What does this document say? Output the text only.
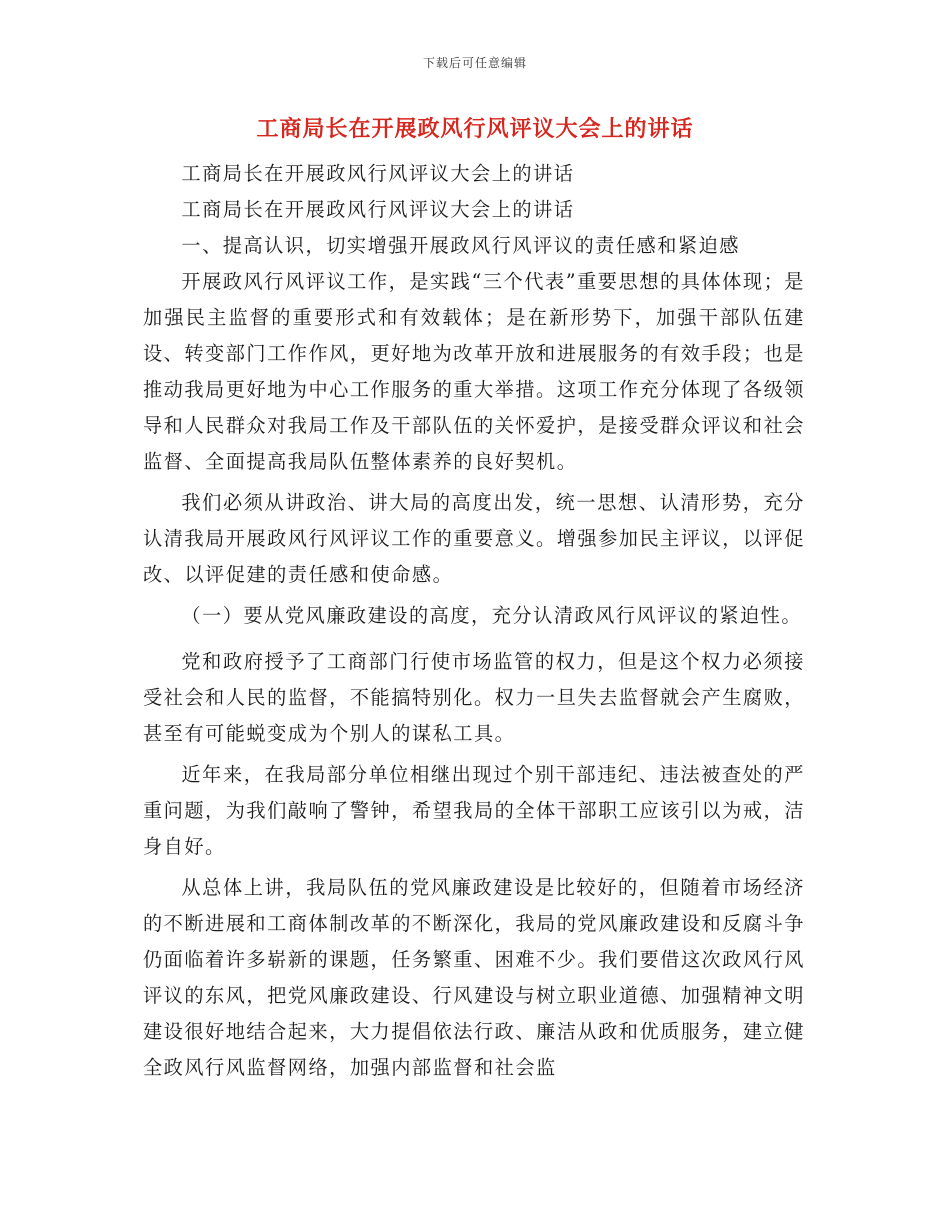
下载后可任意编辑
工商局长在开展政风行风评议大会上的讲话

工商局长在开展政风行风评议大会上的讲话

工商局长在开展政风行风评议大会上的讲话

一、提高认识，切实增强开展政风行风评议的责任感和紧迫感

开展政风行风评议工作，是实践“三个代表”重要思想的具体体现；是加强民主监督的重要形式和有效载体；是在新形势下，加强干部队伍建设、转变部门工作作风，更好地为改革开放和进展服务的有效手段；也是推动我局更好地为中心工作服务的重大举措。这项工作充分体现了各级领导和人民群众对我局工作及干部队伍的关怀爱护，是接受群众评议和社会监督、全面提高我局队伍整体素养的良好契机。

我们必须从讲政治、讲大局的高度出发，统一思想、认清形势，充分认清我局开展政风行风评议工作的重要意义。增强参加民主评议，以评促改、以评促建的责任感和使命感。

（一）要从党风廉政建设的高度，充分认清政风行风评议的紧迫性。

党和政府授予了工商部门行使市场监管的权力，但是这个权力必须接受社会和人民的监督，不能搞特别化。权力一旦失去监督就会产生腐败，甚至有可能蜕变成为个别人的谋私工具。

近年来，在我局部分单位相继出现过个别干部违纪、违法被查处的严重问题，为我们敲响了警钟，希望我局的全体干部职工应该引以为戒，洁身自好。

从总体上讲，我局队伍的党风廉政建设是比较好的，但随着市场经济的不断进展和工商体制改革的不断深化，我局的党风廉政建设和反腐斗争仍面临着许多崭新的课题，任务繁重、困难不少。我们要借这次政风行风评议的东风，把党风廉政建设、行风建设与树立职业道德、加强精神文明建设很好地结合起来，大力提倡依法行政、廉洁从政和优质服务，建立健全政风行风监督网络，加强内部监督和社会监
